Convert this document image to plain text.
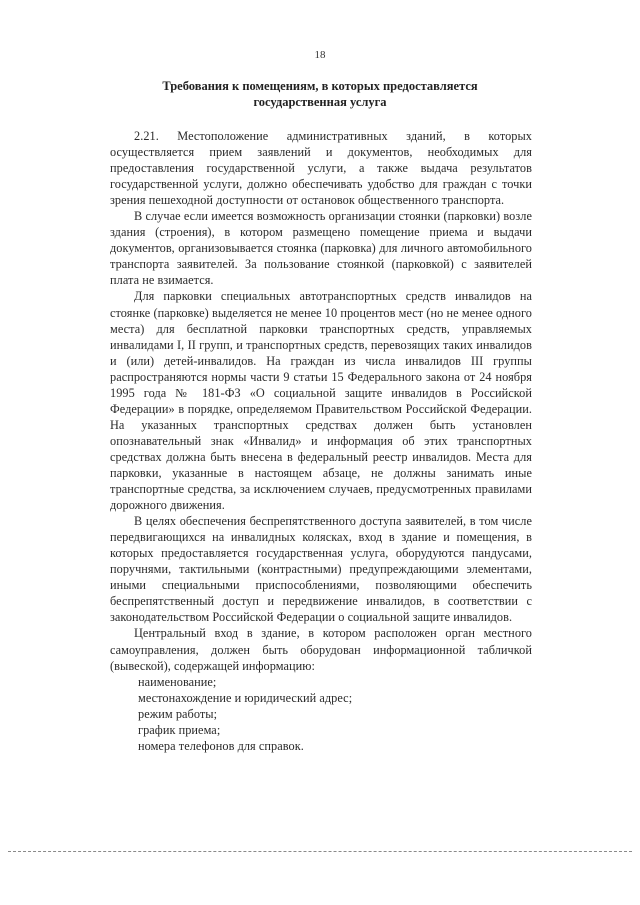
18
Требования к помещениям, в которых предоставляется
государственная услуга

2.21. Местоположение административных зданий, в которых осуществляется прием заявлений и документов, необходимых для предоставления государственной услуги, а также выдача результатов государственной услуги, должно обеспечивать удобство для граждан с точки зрения пешеходной доступности от остановок общественного транспорта.

В случае если имеется возможность организации стоянки (парковки) возле здания (строения), в котором размещено помещение приема и выдачи документов, организовывается стоянка (парковка) для личного автомобильного транспорта заявителей. За пользование стоянкой (парковкой) с заявителей плата не взимается.

Для парковки специальных автотранспортных средств инвалидов на стоянке (парковке) выделяется не менее 10 процентов мест (но не менее одного места) для бесплатной парковки транспортных средств, управляемых инвалидами I, II групп, и транспортных средств, перевозящих таких инвалидов и (или) детей-инвалидов. На граждан из числа инвалидов III группы распространяются нормы части 9 статьи 15 Федерального закона от 24 ноября 1995 года № 181-ФЗ «О социальной защите инвалидов в Российской Федерации» в порядке, определяемом Правительством Российской Федерации. На указанных транспортных средствах должен быть установлен опознавательный знак «Инвалид» и информация об этих транспортных средствах должна быть внесена в федеральный реестр инвалидов. Места для парковки, указанные в настоящем абзаце, не должны занимать иные транспортные средства, за исключением случаев, предусмотренных правилами дорожного движения.

В целях обеспечения беспрепятственного доступа заявителей, в том числе передвигающихся на инвалидных колясках, вход в здание и помещения, в которых предоставляется государственная услуга, оборудуются пандусами, поручнями, тактильными (контрастными) предупреждающими элементами, иными специальными приспособлениями, позволяющими обеспечить беспрепятственный доступ и передвижение инвалидов, в соответствии с законодательством Российской Федерации о социальной защите инвалидов.

Центральный вход в здание, в котором расположен орган местного самоуправления, должен быть оборудован информационной табличкой (вывеской), содержащей информацию:

наименование;
местонахождение и юридический адрес;
режим работы;
график приема;
номера телефонов для справок.
